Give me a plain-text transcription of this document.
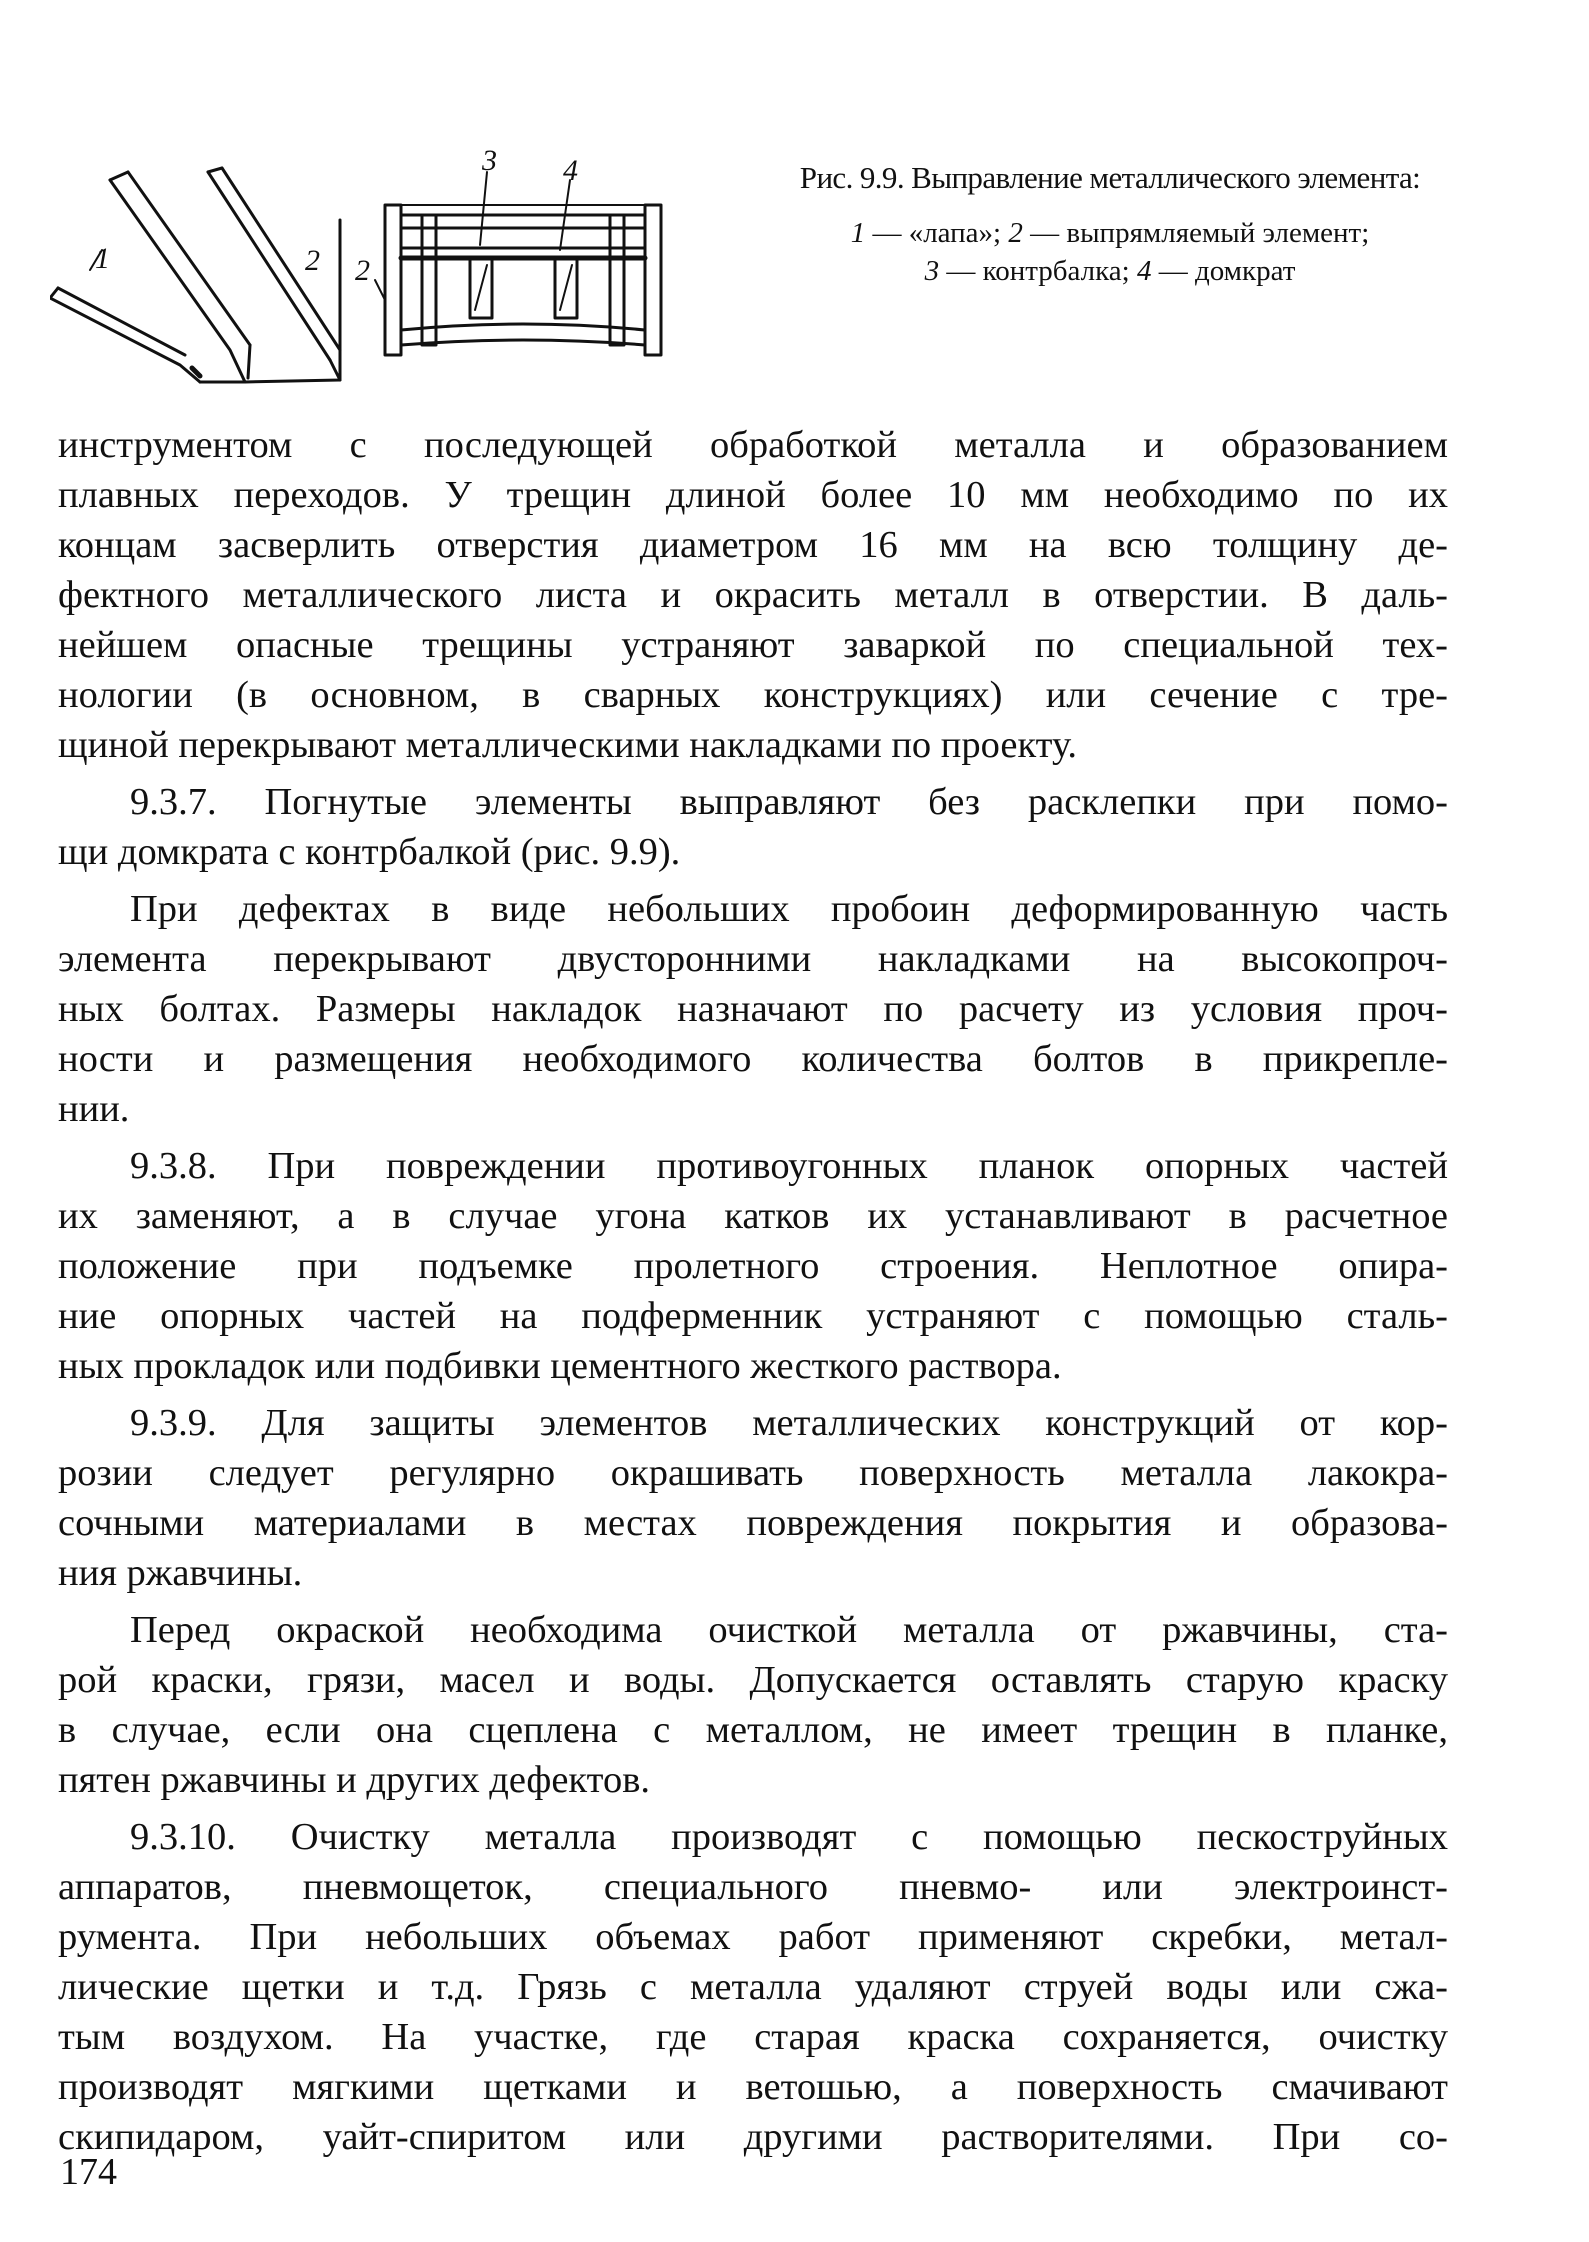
1	2
3 4
2
Рис. 9.9. Выправление металлического элемента:
1 — «лапа»; 2 — выпрямляемый элемент;
3 — контрбалка; 4 — домкрат

инструментом с последующей обработкой металла и образованием

плавных переходов. У трещин длиной более 10 мм необходимо по их

концам засверлить отверстия диаметром 16 мм на всю толщину де-

фектного металлического листа и окрасить металл в отверстии. В даль-

нейшем опасные трещины устраняют заваркой по специальной тех-

нологии (в основном, в сварных конструкциях) или сечение с тре-

щиной перекрывают металлическими накладками по проекту.

9.3.7. Погнутые элементы выправляют без расклепки при помо-

щи домкрата с контрбалкой (рис. 9.9).

При дефектах в виде небольших пробоин деформированную часть

элемента перекрывают двусторонними накладками на высокопроч-

ных болтах. Размеры накладок назначают по расчету из условия проч-

ности и размещения необходимого количества болтов в прикрепле-

нии.

9.3.8. При повреждении противоугонных планок опорных частей

их заменяют, а в случае угона катков их устанавливают в расчетное

положение при подъемке пролетного строения. Неплотное опира-

ние опорных частей на подферменник устраняют с помощью сталь-

ных прокладок или подбивки цементного жесткого раствора.

9.3.9. Для защиты элементов металлических конструкций от кор-

розии следует регулярно окрашивать поверхность металла лакокра-

сочными материалами в местах повреждения покрытия и образова-

ния ржавчины.

Перед окраской необходима очисткой металла от ржавчины, ста-

рой краски, грязи, масел и воды. Допускается оставлять старую краску

в случае, если она сцеплена с металлом, не имеет трещин в планке,

пятен ржавчины и других дефектов.

9.3.10. Очистку металла производят с помощью пескоструйных

аппаратов, пневмощеток, специального пневмо- или электроинст-

румента. При небольших объемах работ применяют скребки, метал-

лические щетки и т.д. Грязь с металла удаляют струей воды или сжа-

тым воздухом. На участке, где старая краска сохраняется, очистку

производят мягкими щетками и ветошью, а поверхность смачивают

скипидаром, уайт-спиритом или другими растворителями. При со-

174
